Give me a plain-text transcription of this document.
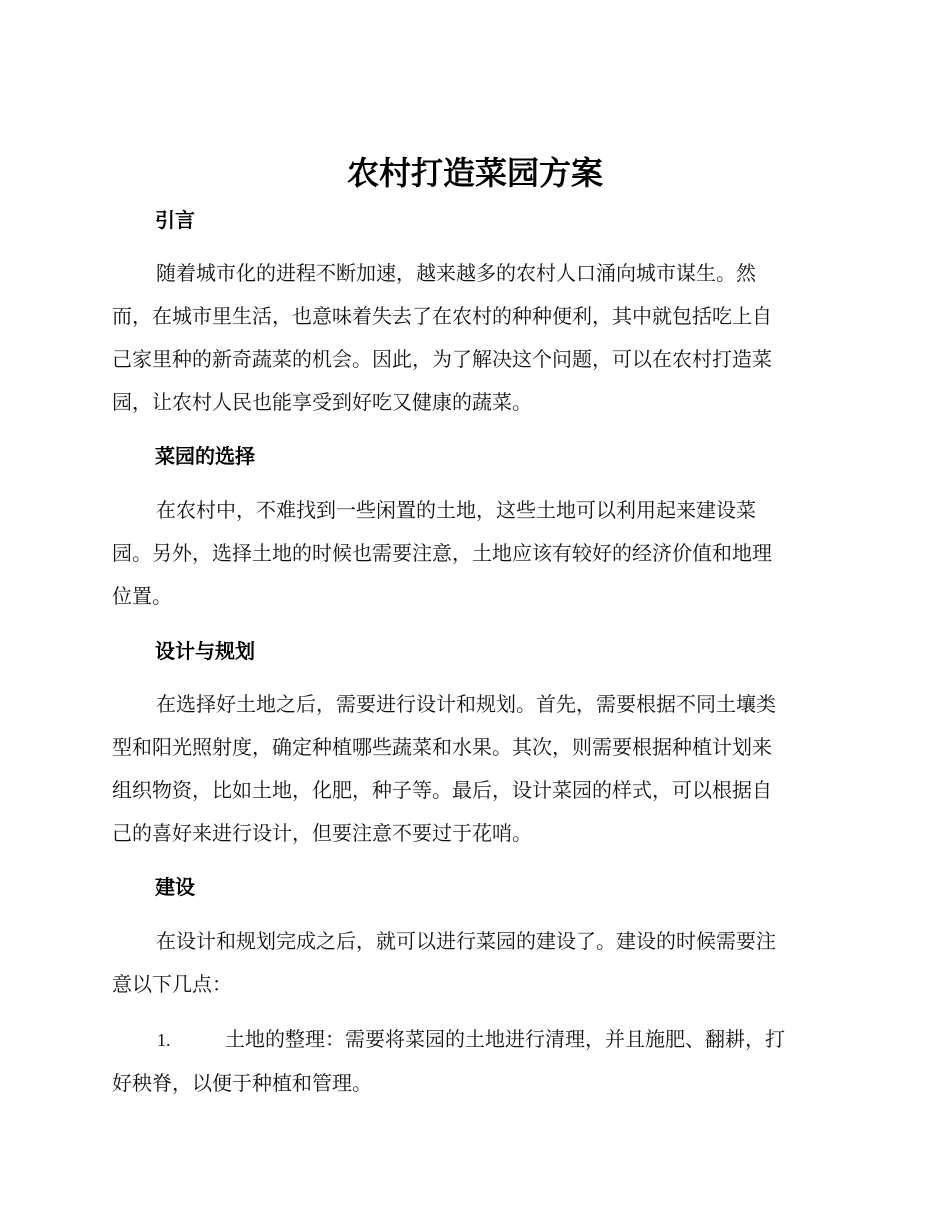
农村打造菜园方案
引言

随着城市化的进程不断加速，越来越多的农村人口涌向城市谋生。然
而，在城市里生活，也意味着失去了在农村的种种便利，其中就包括吃上自
己家里种的新奇蔬菜的机会。因此，为了解决这个问题，可以在农村打造菜
园，让农村人民也能享受到好吃又健康的蔬菜。

菜园的选择

在农村中，不难找到一些闲置的土地，这些土地可以利用起来建设菜
园。另外，选择土地的时候也需要注意，土地应该有较好的经济价值和地理
位置。

设计与规划

在选择好土地之后，需要进行设计和规划。首先，需要根据不同土壤类
型和阳光照射度，确定种植哪些蔬菜和水果。其次，则需要根据种植计划来
组织物资，比如土地，化肥，种子等。最后，设计菜园的样式，可以根据自
己的喜好来进行设计，但要注意不要过于花哨。

建设

在设计和规划完成之后，就可以进行菜园的建设了。建设的时候需要注
意以下几点：

1.	土地的整理：需要将菜园的土地进行清理，并且施肥、翻耕，打
好秧脊，以便于种植和管理。
